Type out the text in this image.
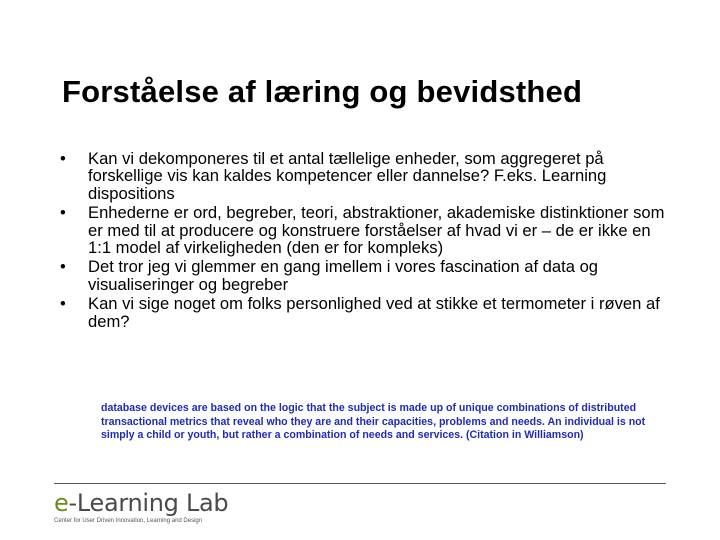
Forståelse af læring og bevidsthed
• Kan vi dekomponeres til et antal tællelige enheder, som aggregeret på forskellige vis kan kaldes kompetencer eller dannelse? F.eks. Learning dispositions
• Enhederne er ord, begreber, teori, abstraktioner, akademiske distinktioner som er med til at producere og konstruere forståelser af hvad vi er – de er ikke en 1:1 model af virkeligheden (den er for kompleks)
• Det tror jeg vi glemmer en gang imellem i vores fascination af data og visualiseringer og begreber
• Kan vi sige noget om folks personlighed ved at stikke et termometer i røven af dem?
database devices are based on the logic that the subject is made up of unique combinations of distributed transactional metrics that reveal who they are and their capacities, problems and needs. An individual is not simply a child or youth, but rather a combination of needs and services. (Citation in Williamson)
e-Learning Lab
Center for User Driven Innovation, Learning and Design
